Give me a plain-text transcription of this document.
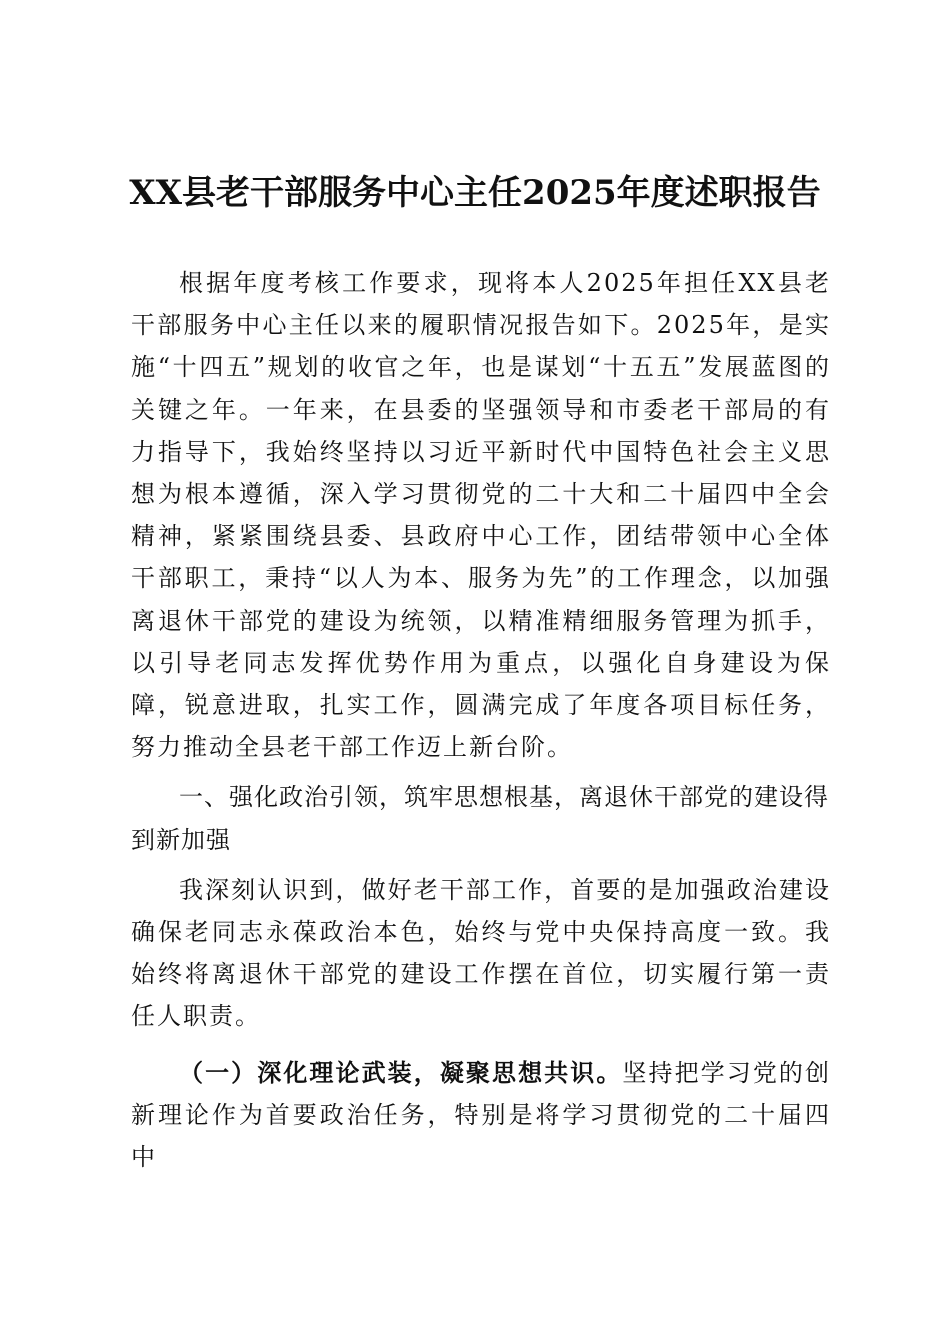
XX县老干部服务中心主任2025年度述职报告

根据年度考核工作要求，现将本人2025年担任XX县老干部服务中心主任以来的履职情况报告如下。2025年，是实施“十四五”规划的收官之年，也是谋划“十五五”发展蓝图的关键之年。一年来，在县委的坚强领导和市委老干部局的有力指导下，我始终坚持以习近平新时代中国特色社会主义思想为根本遵循，深入学习贯彻党的二十大和二十届四中全会精神，紧紧围绕县委、县政府中心工作，团结带领中心全体干部职工，秉持“以人为本、服务为先”的工作理念，以加强离退休干部党的建设为统领，以精准精细服务管理为抓手，以引导老同志发挥优势作用为重点，以强化自身建设为保障，锐意进取，扎实工作，圆满完成了年度各项目标任务，努力推动全县老干部工作迈上新台阶。

一、强化政治引领，筑牢思想根基，离退休干部党的建设得到新加强

我深刻认识到，做好老干部工作，首要的是加强政治建设确保老同志永葆政治本色，始终与党中央保持高度一致。我始终将离退休干部党的建设工作摆在首位，切实履行第一责任人职责。

（一）深化理论武装，凝聚思想共识。坚持把学习党的创新理论作为首要政治任务，特别是将学习贯彻党的二十届四中
